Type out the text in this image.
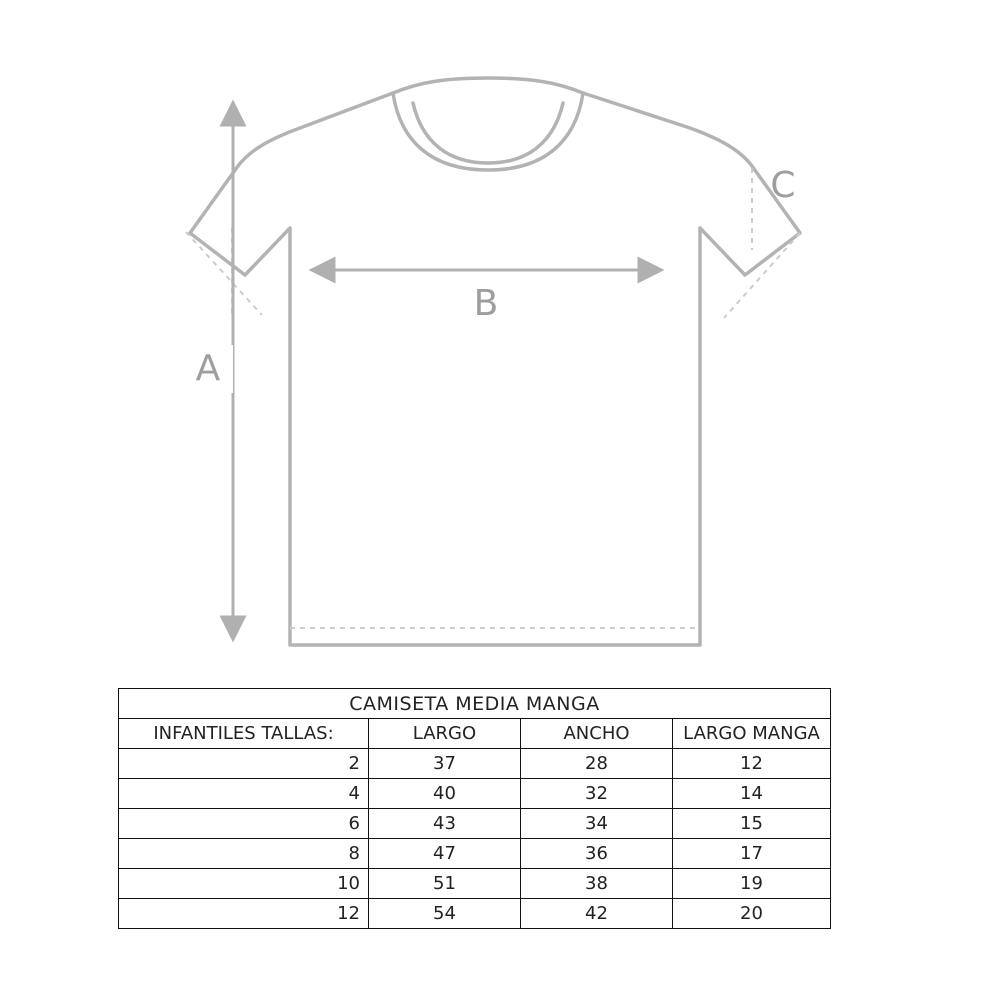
A
B
C
CAMISETA MEDIA MANGA			
INFANTILES TALLAS:	LARGO	ANCHO	LARGO MANGA
2	37	28	12
4	40	32	14
6	43	34	15
8	47	36	17
10	51	38	19
12	54	42	20
